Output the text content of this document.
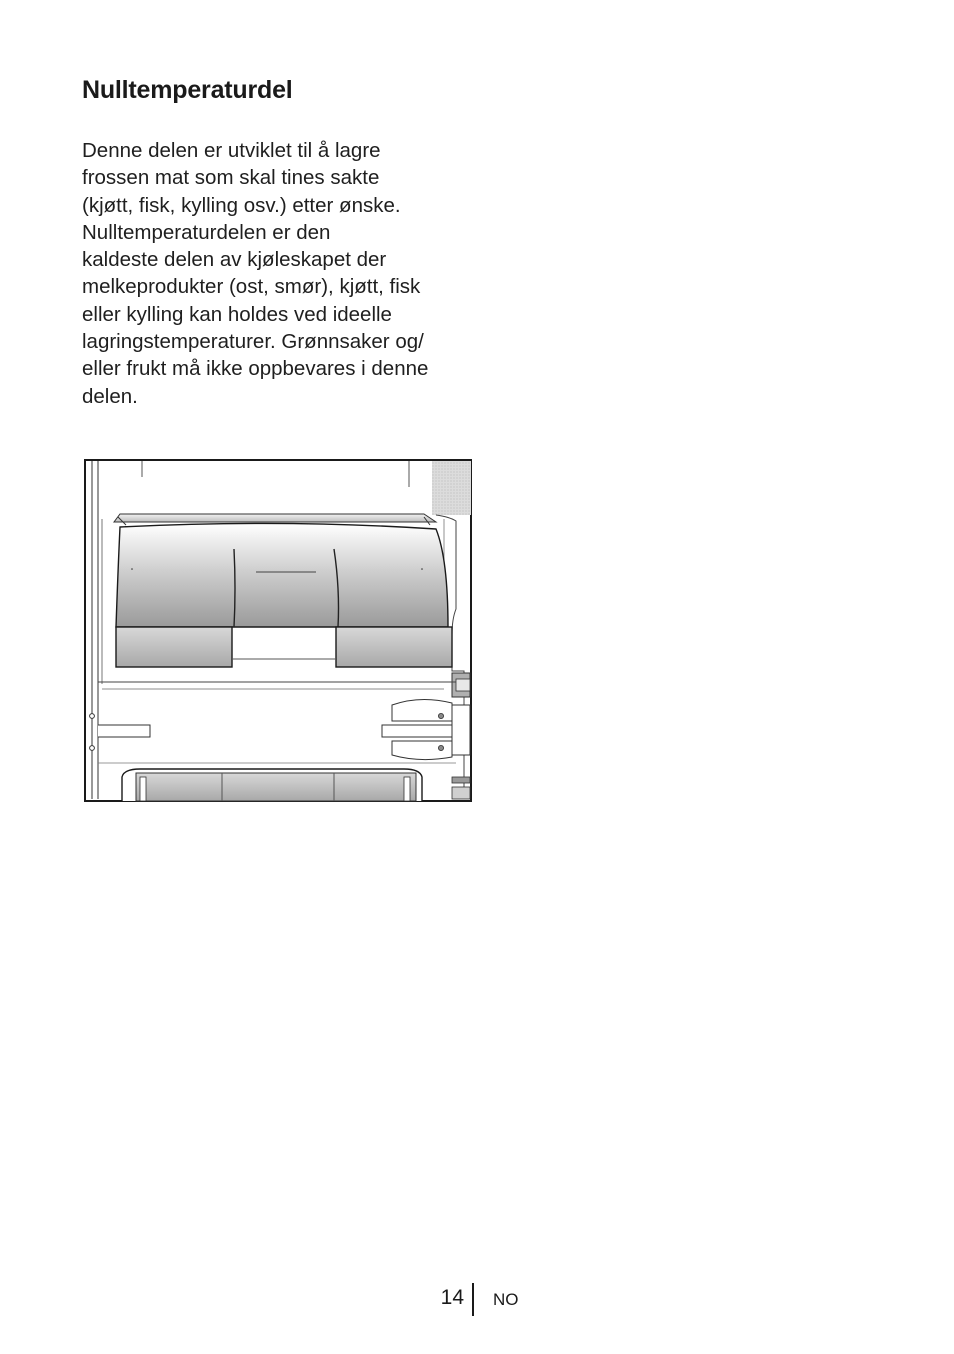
Nulltemperaturdel
Denne delen er utviklet til å lagre
frossen mat som skal tines sakte
(kjøtt, fisk, kylling osv.) etter ønske.
Nulltemperaturdelen er den
kaldeste delen av kjøleskapet der
melkeprodukter (ost, smør), kjøtt, fisk
eller kylling kan holdes ved ideelle
lagringstemperaturer. Grønnsaker og/
eller frukt må ikke oppbevares i denne
delen.
14 NO
